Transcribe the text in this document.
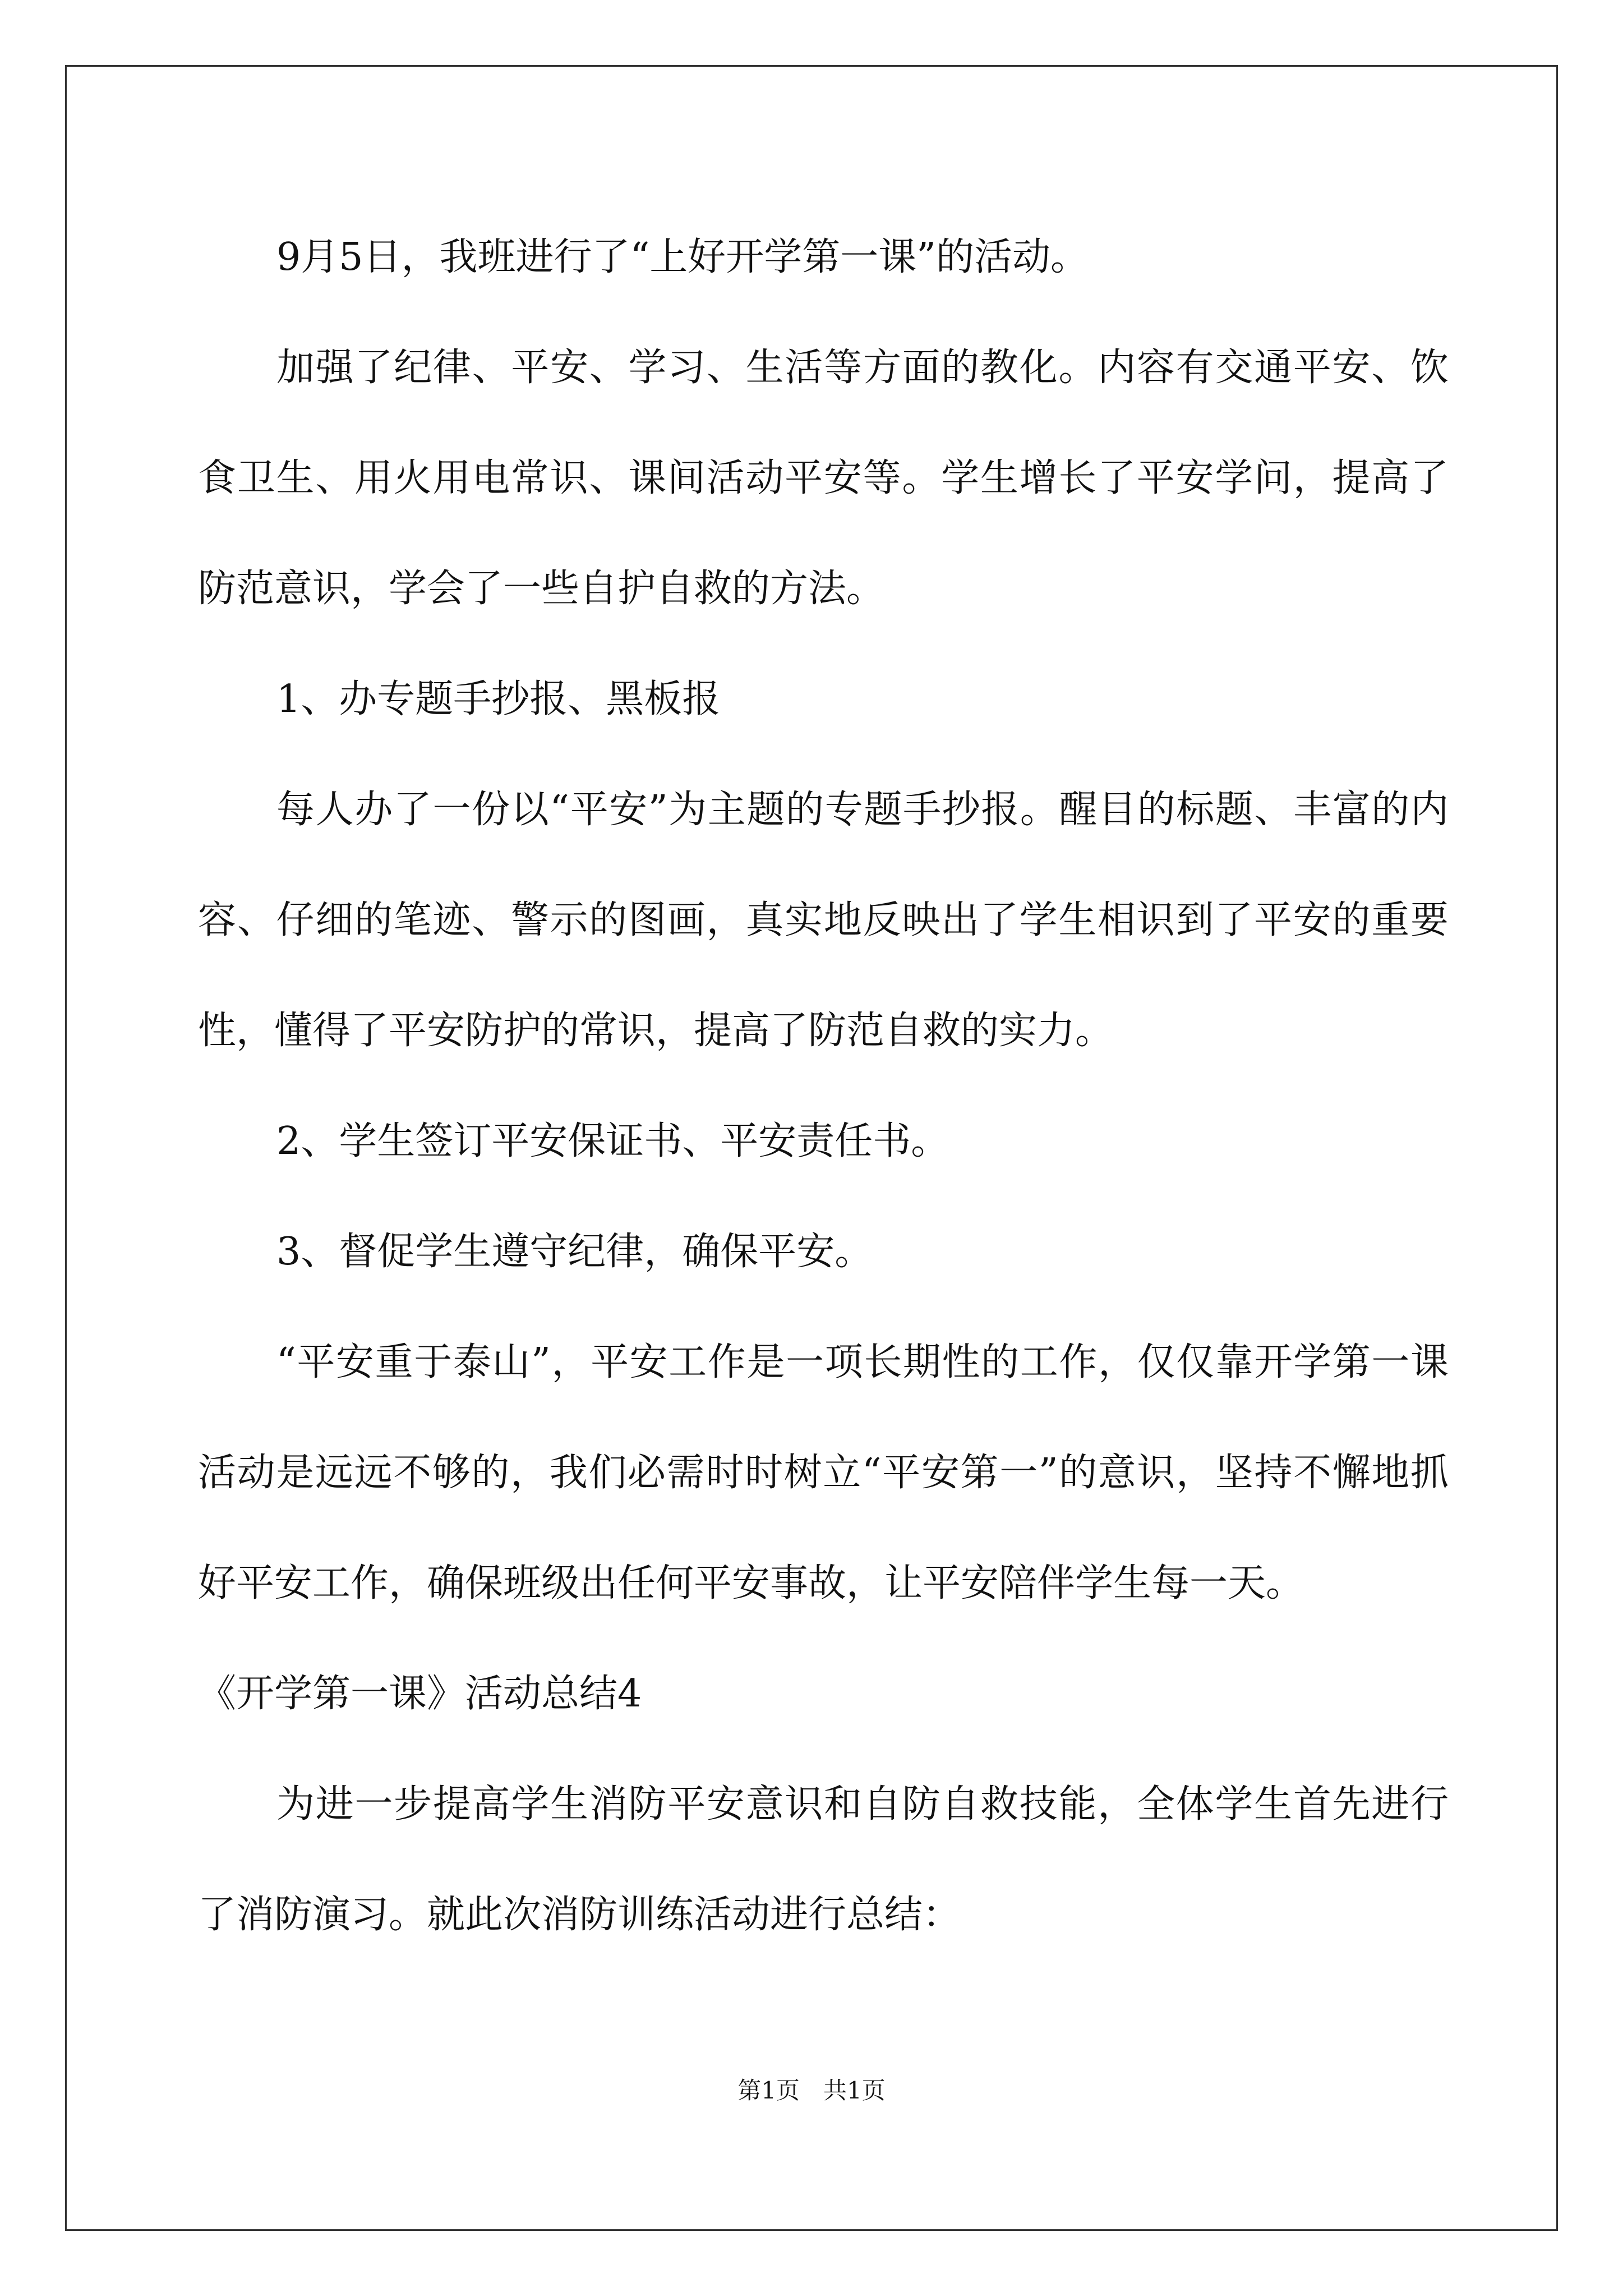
9月5日，我班进行了“上好开学第一课”的活动。

加强了纪律、平安、学习、生活等方面的教化。内容有交通平安、饮食卫生、用火用电常识、课间活动平安等。学生增长了平安学问，提高了防范意识，学会了一些自护自救的方法。

1、办专题手抄报、黑板报

每人办了一份以“平安”为主题的专题手抄报。醒目的标题、丰富的内容、仔细的笔迹、警示的图画，真实地反映出了学生相识到了平安的重要性，懂得了平安防护的常识，提高了防范自救的实力。

2、学生签订平安保证书、平安责任书。

3、督促学生遵守纪律，确保平安。

“平安重于泰山”，平安工作是一项长期性的工作，仅仅靠开学第一课活动是远远不够的，我们必需时时树立“平安第一”的意识，坚持不懈地抓好平安工作，确保班级出任何平安事故，让平安陪伴学生每一天。

《开学第一课》活动总结4

为进一步提高学生消防平安意识和自防自救技能，全体学生首先进行了消防演习。就此次消防训练活动进行总结：

第1页　共1页
